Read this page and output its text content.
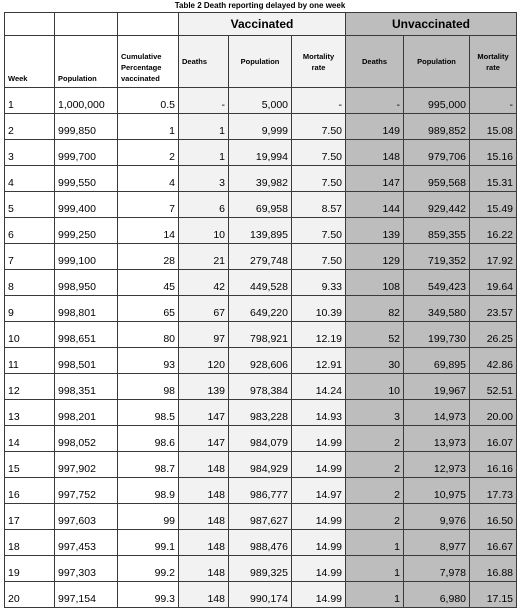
Table 2 Death reporting delayed by one week
			Vaccinated			Unvaccinated		
Week	Population	Cumulative Percentage vaccinated	Deaths	Population	Mortality rate	Deaths	Population	Mortality rate
1	1,000,000	0.5	-	5,000	-	-	995,000	-
2	999,850	1	1	9,999	7.50	149	989,852	15.08
3	999,700	2	1	19,994	7.50	148	979,706	15.16
4	999,550	4	3	39,982	7.50	147	959,568	15.31
5	999,400	7	6	69,958	8.57	144	929,442	15.49
6	999,250	14	10	139,895	7.50	139	859,355	16.22
7	999,100	28	21	279,748	7.50	129	719,352	17.92
8	998,950	45	42	449,528	9.33	108	549,423	19.64
9	998,801	65	67	649,220	10.39	82	349,580	23.57
10	998,651	80	97	798,921	12.19	52	199,730	26.25
11	998,501	93	120	928,606	12.91	30	69,895	42.86
12	998,351	98	139	978,384	14.24	10	19,967	52.51
13	998,201	98.5	147	983,228	14.93	3	14,973	20.00
14	998,052	98.6	147	984,079	14.99	2	13,973	16.07
15	997,902	98.7	148	984,929	14.99	2	12,973	16.16
16	997,752	98.9	148	986,777	14.97	2	10,975	17.73
17	997,603	99	148	987,627	14.99	2	9,976	16.50
18	997,453	99.1	148	988,476	14.99	1	8,977	16.67
19	997,303	99.2	148	989,325	14.99	1	7,978	16.88
20	997,154	99.3	148	990,174	14.99	1	6,980	17.15
